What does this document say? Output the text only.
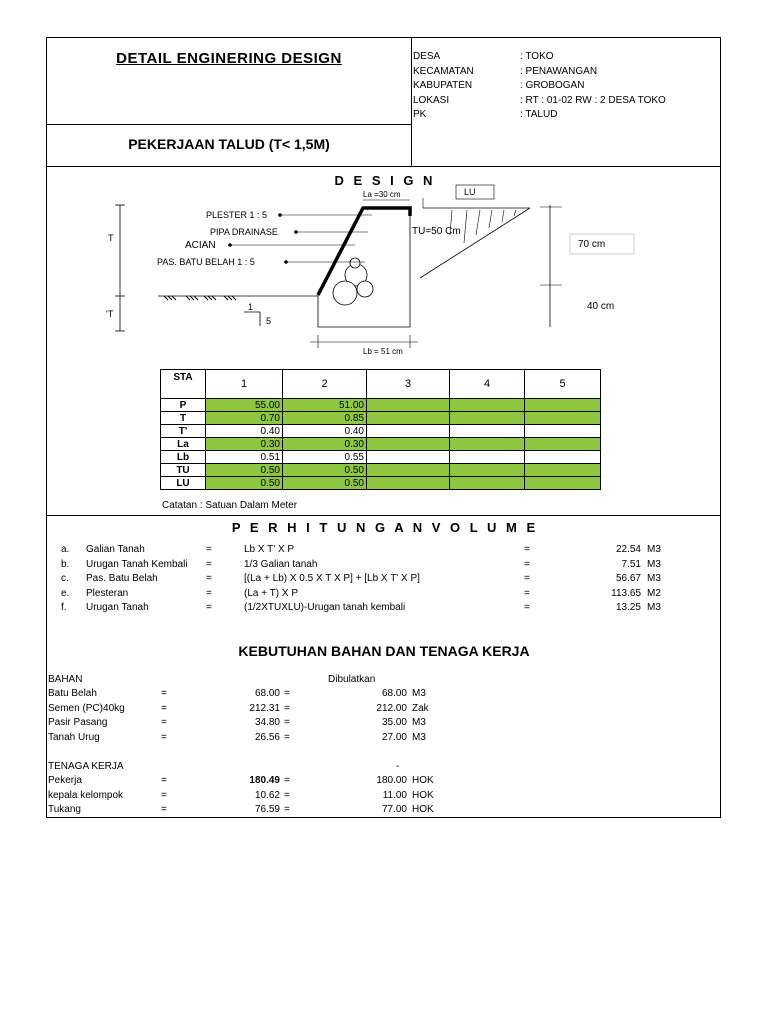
DETAIL ENGINERING DESIGN
PEKERJAAN TALUD (T< 1,5M)
DESA	: TOKO
KECAMATAN	: PENAWANGAN
KABUPATEN	: GROBOGAN
LOKASI	: RT : 01-02 RW : 2 DESA TOKO
PK	: TALUD
D E S I G N
T
'T
1
5
PLESTER 1 : 5
PIPA DRAINASE
ACIAN
PAS. BATU BELAH 1 : 5
La =30 cm	LU
TU=50 Cm
70 cm
40 cm
Lb = 51 cm
STA	1	2	3	4	5
P	55.00	51.00			
T	0.70	0.85			
T'	0.40	0.40			
La	0.30	0.30			
Lb	0.51	0.55			
TU	0.50	0.50			
LU	0.50	0.50			
Catatan : Satuan Dalam Meter
P E R H I T U N G A N V O L U M E
a. Galian Tanah	=	Lb X T' X P	=	22.54 M3
b. Urugan Tanah Kembali =	1/3 Galian tanah	=	7.51 M3
c. Pas. Batu Belah	=	[(La + Lb) X 0.5 X T X P] + [Lb X T' X P]	=	56.67 M3
e. Plesteran	=	(La + T) X P	=	113.65 M2
f. Urugan Tanah	=	(1/2XTUXLU)-Urugan tanah kembali	=	13.25 M3
KEBUTUHAN BAHAN DAN TENAGA KERJA
BAHAN	Dibulatkan
Batu Belah	=	68.00 =	68.00 M3
Semen (PC)40kg	=	212.31 =	212.00 Zak
Pasir Pasang	=	34.80 =	35.00 M3
Tanah Urug	=	26.56 =	27.00 M3
TENAGA KERJA	-
Pekerja	=	180.49 =	180.00 HOK
kepala kelompok	=	10.62 =	11.00 HOK
Tukang	=	76.59 =	77.00 HOK
